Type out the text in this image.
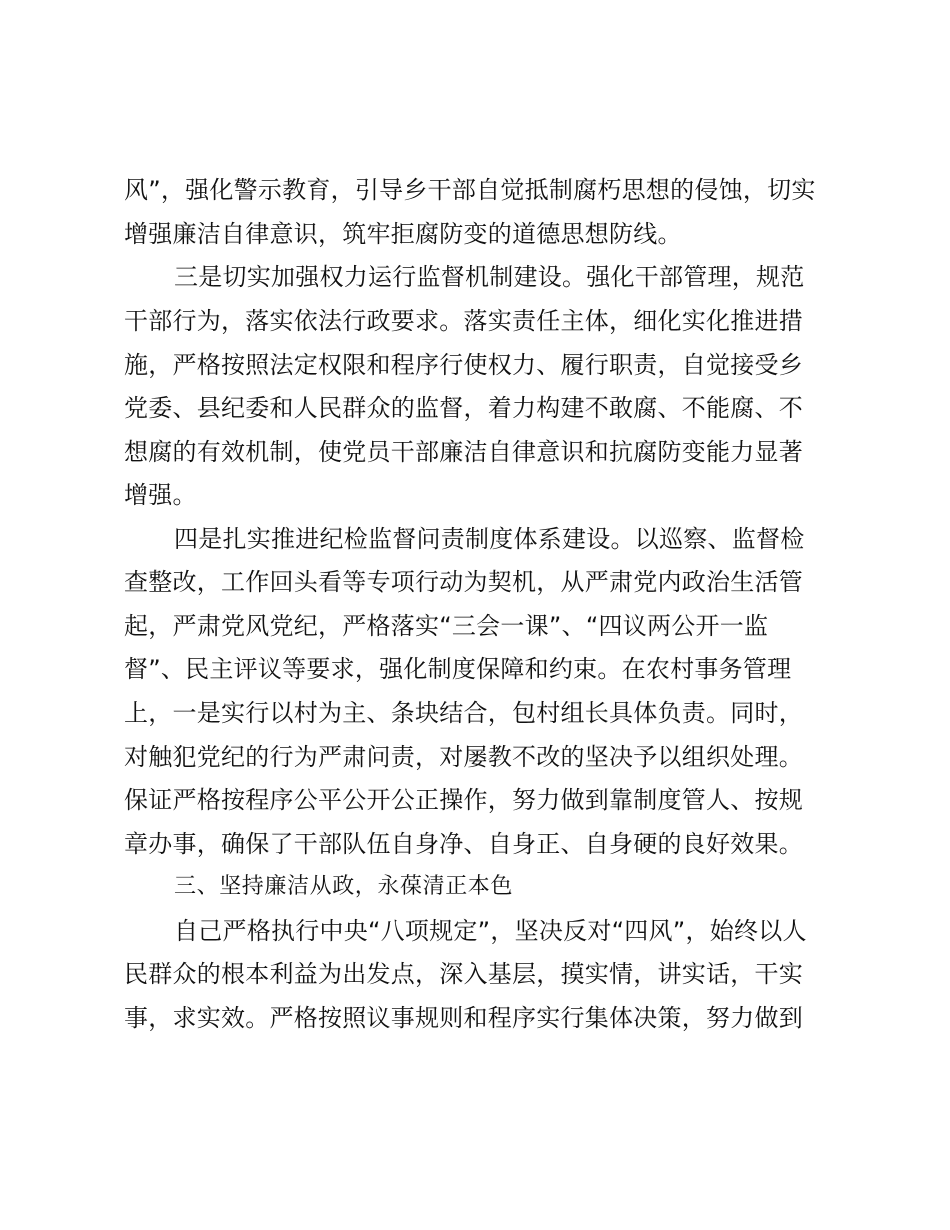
风”，强化警示教育，引导乡干部自觉抵制腐朽思想的侵蚀，切实
增强廉洁自律意识，筑牢拒腐防变的道德思想防线。
三是切实加强权力运行监督机制建设。强化干部管理，规范
干部行为，落实依法行政要求。落实责任主体，细化实化推进措
施，严格按照法定权限和程序行使权力、履行职责，自觉接受乡
党委、县纪委和人民群众的监督，着力构建不敢腐、不能腐、不
想腐的有效机制，使党员干部廉洁自律意识和抗腐防变能力显著
增强。
四是扎实推进纪检监督问责制度体系建设。以巡察、监督检
查整改，工作回头看等专项行动为契机，从严肃党内政治生活管
起，严肃党风党纪，严格落实“三会一课”、“四议两公开一监
督”、民主评议等要求，强化制度保障和约束。在农村事务管理
上，一是实行以村为主、条块结合，包村组长具体负责。同时，
对触犯党纪的行为严肃问责，对屡教不改的坚决予以组织处理。
保证严格按程序公平公开公正操作，努力做到靠制度管人、按规
章办事，确保了干部队伍自身净、自身正、自身硬的良好效果。
三、坚持廉洁从政，永葆清正本色
自己严格执行中央“八项规定”，坚决反对“四风”，始终以人
民群众的根本利益为出发点，深入基层，摸实情，讲实话，干实
事，求实效。严格按照议事规则和程序实行集体决策，努力做到
